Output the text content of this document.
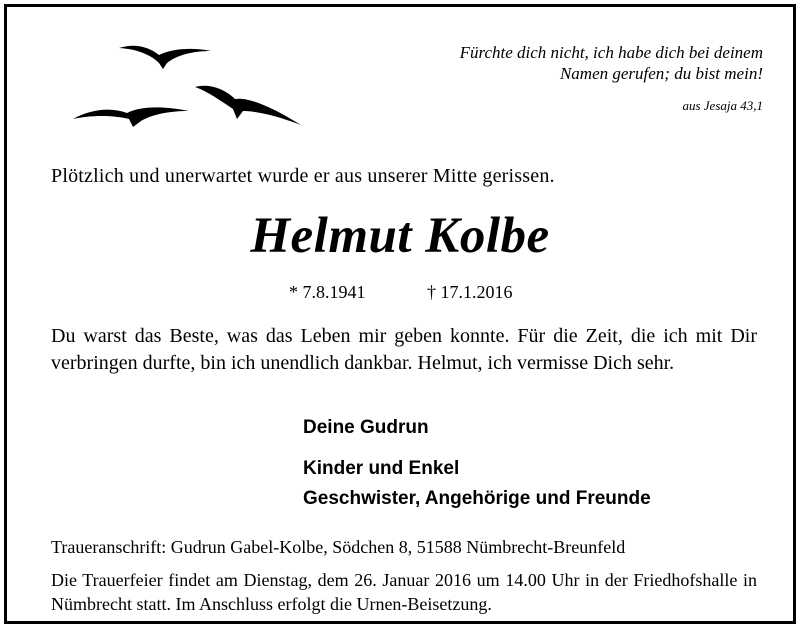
Fürchte dich nicht, ich habe dich bei deinem
Namen gerufen; du bist mein!
aus Jesaja 43,1
Plötzlich und unerwartet wurde er aus unserer Mitte gerissen.
Helmut Kolbe
* 7.8.1941	† 17.1.2016
Du warst das Beste, was das Leben mir geben konnte. Für die Zeit, die ich mit Dir verbringen durfte, bin ich unendlich dankbar. Helmut, ich vermisse Dich sehr.
Deine Gudrun
Kinder und Enkel
Geschwister, Angehörige und Freunde
Traueranschrift: Gudrun Gabel-Kolbe, Södchen 8, 51588 Nümbrecht-Breunfeld
Die Trauerfeier findet am Dienstag, dem 26. Januar 2016 um 14.00 Uhr in der Friedhofshalle in Nümbrecht statt. Im Anschluss erfolgt die Urnen-Beisetzung.
